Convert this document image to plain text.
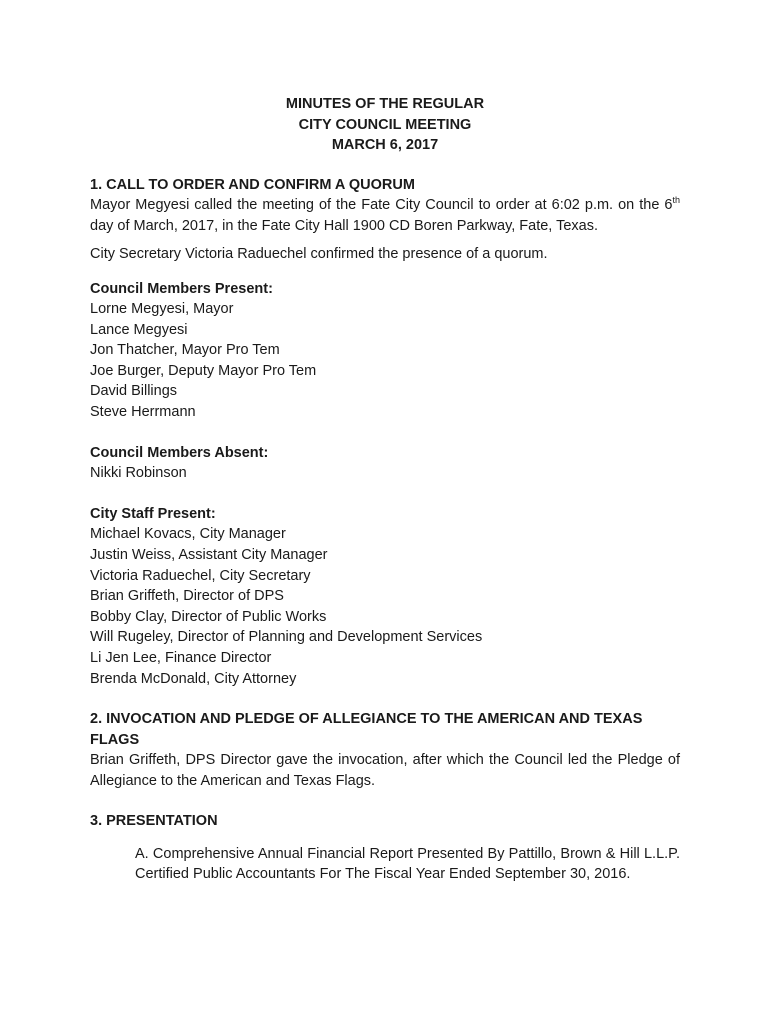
MINUTES OF THE REGULAR
CITY COUNCIL MEETING
MARCH 6, 2017
1. CALL TO ORDER AND CONFIRM A QUORUM
Mayor Megyesi called the meeting of the Fate City Council to order at 6:02 p.m. on the 6th day of March, 2017, in the Fate City Hall 1900 CD Boren Parkway, Fate, Texas.
City Secretary Victoria Raduechel confirmed the presence of a quorum.
Council Members Present:
Lorne Megyesi, Mayor
Lance Megyesi
Jon Thatcher, Mayor Pro Tem
Joe Burger, Deputy Mayor Pro Tem
David Billings
Steve Herrmann
Council Members Absent:
Nikki Robinson
City Staff Present:
Michael Kovacs, City Manager
Justin Weiss, Assistant City Manager
Victoria Raduechel, City Secretary
Brian Griffeth, Director of DPS
Bobby Clay, Director of Public Works
Will Rugeley, Director of Planning and Development Services
Li Jen Lee, Finance Director
Brenda McDonald, City Attorney
2. INVOCATION AND PLEDGE OF ALLEGIANCE TO THE AMERICAN AND TEXAS FLAGS
Brian Griffeth, DPS Director gave the invocation, after which the Council led the Pledge of Allegiance to the American and Texas Flags.
3. PRESENTATION
A. Comprehensive Annual Financial Report Presented By Pattillo, Brown & Hill L.L.P. Certified Public Accountants For The Fiscal Year Ended September 30, 2016.
